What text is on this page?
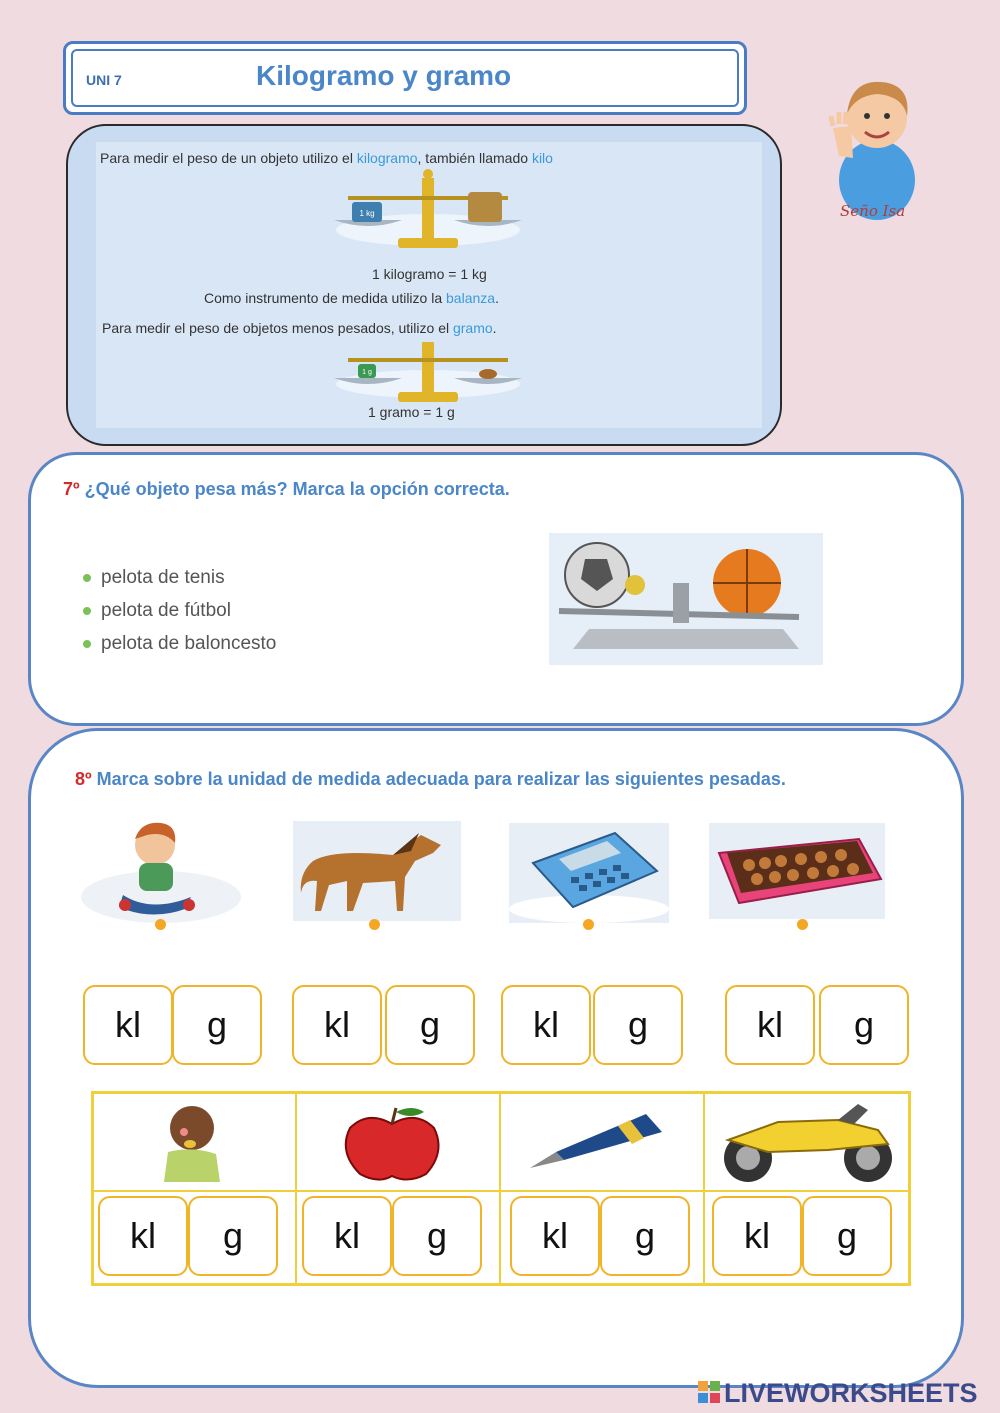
UNI 7	Kilogramo y gramo
Seño Isa
Para medir el peso de un objeto utilizo el kilogramo, también llamado kilo
1 kg
1 kilogramo = 1 kg
Como instrumento de medida utilizo la balanza.
Para medir el peso de objetos menos pesados, utilizo el gramo.
1 g
1 gramo = 1 g
7º ¿Qué objeto pesa más? Marca la opción correcta.
pelota de tenis
pelota de fútbol
pelota de baloncesto
8º Marca sobre la unidad de medida adecuada para realizar las siguientes pesadas.
kl	g	kl	g	kl	g	kl	g
kl	g	kl	g	kl	g	kl	g
LIVEWORKSHEETS
